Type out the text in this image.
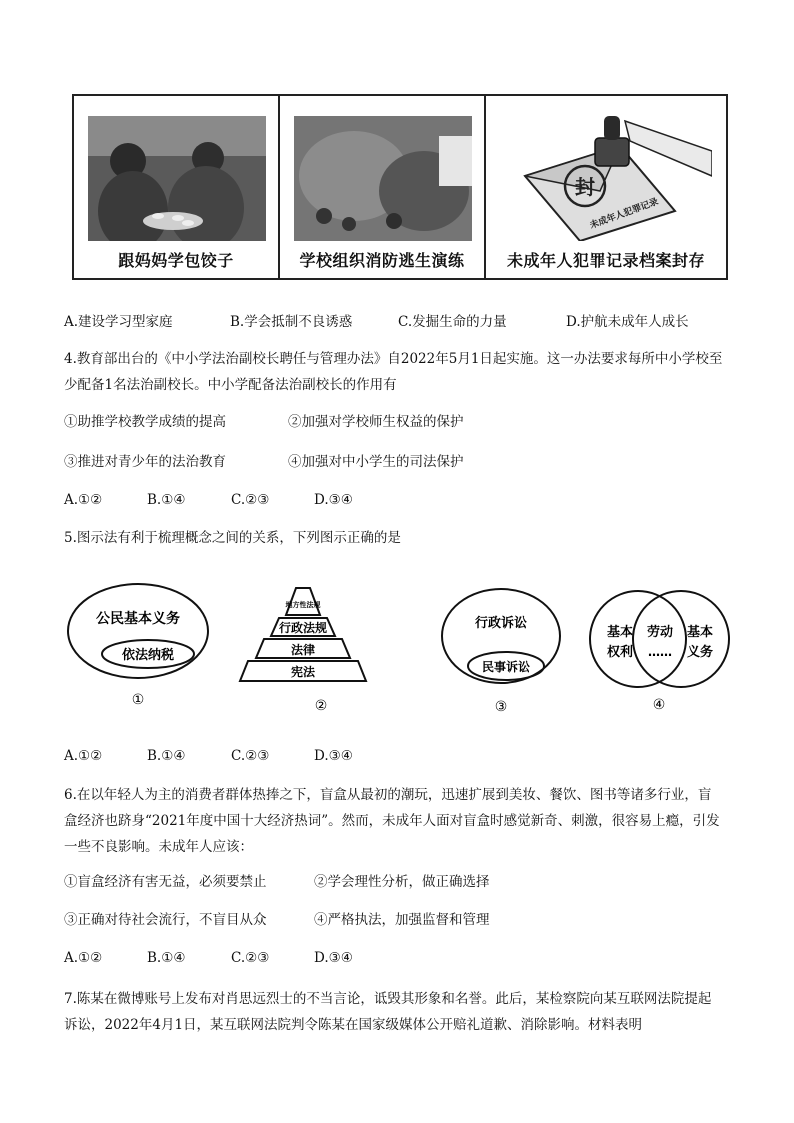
跟妈妈学包饺子	学校组织消防逃生演练
封
未成年人犯罪记录
未成年人犯罪记录档案封存
A.建设学习型家庭	B.学会抵制不良诱惑	C.发掘生命的力量	D.护航未成年人成长
4.教育部出台的《中小学法治副校长聘任与管理办法》自2022年5月1日起实施。这一办法要求每所中小学校至少配备1名法治副校长。中小学配备法治副校长的作用有
①助推学校教学成绩的提高	②加强对学校师生权益的保护
③推进对青少年的法治教育	④加强对中小学生的司法保护
A.①②	B.①④	C.②③	D.③④
5.图示法有利于梳理概念之间的关系，下列图示正确的是
公民基本义务
依法纳税
①
地方性法规
行政法规
法律
宪法
②
行政诉讼
民事诉讼
③
基本
权利
劳动
……
基本
义务
④
A.①②	B.①④	C.②③	D.③④
6.在以年轻人为主的消费者群体热捧之下，盲盒从最初的潮玩，迅速扩展到美妆、餐饮、图书等诸多行业，盲盒经济也跻身“2021年度中国十大经济热词”。然而，未成年人面对盲盒时感觉新奇、刺激，很容易上瘾，引发一些不良影响。未成年人应该：
①盲盒经济有害无益，必须要禁止	②学会理性分析，做正确选择
③正确对待社会流行，不盲目从众	④严格执法，加强监督和管理
A.①②	B.①④	C.②③	D.③④
7.陈某在微博账号上发布对肖思远烈士的不当言论，诋毁其形象和名誉。此后，某检察院向某互联网法院提起诉讼，2022年4月1日，某互联网法院判令陈某在国家级媒体公开赔礼道歉、消除影响。材料表明
